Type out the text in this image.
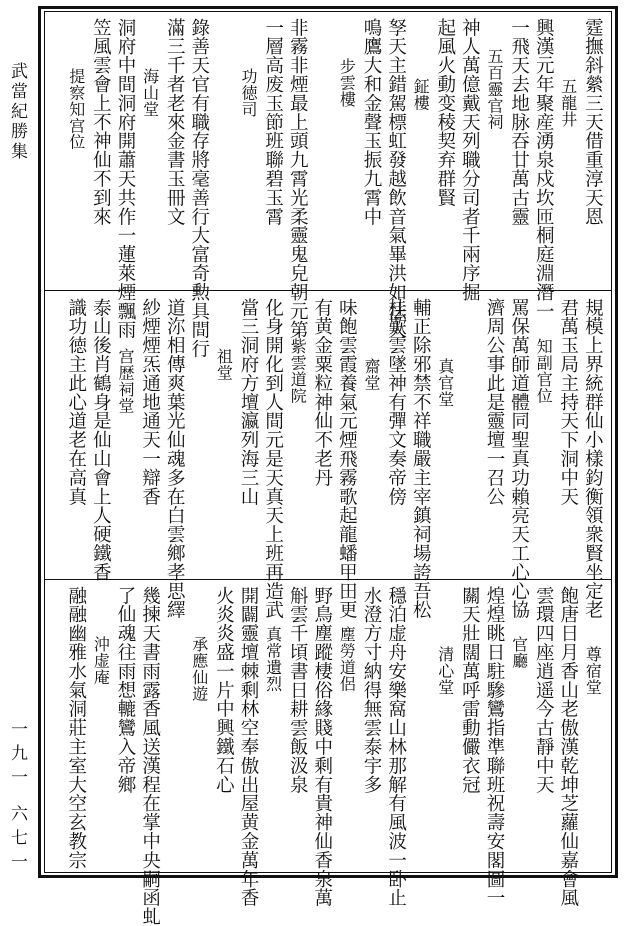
武當紀勝集
一九一 六七一
霆撫斜縈三天借重淳天恩
五龍井
興漢元年聚産湧泉戍坎匝桐庭淵潛一
一飛天去地脉吞廿萬古靈
五百靈官祠
神人萬億戴天列職分司者千兩序掘
起風火動变稜契弃群賢
鉦樓
孥天主錯駕標虹發越飲音氣畢洪如法大
鳴鷹大和金聲玉振九霄中
步雲樓
非霧非煙最上頭九霄光柔靈鬼皃朝元第
一層高废玉節班聯碧玉霄
功徳司
錄善天官有職存將毫善行大富奇勲具間行
滿三千者老來金書玉冊文
海山堂
洞府中間洞府開蕭天共作一蓮萊煙飄雨
笠風雲會上不神仙不到來
提察知宫位
規模上界統群仙小樣鈞衡領衆賢坐定老
君萬玉局主持天下洞中天
知副官位
罵保萬師道體同聖真功賴亮天工心心協
濟周公事此是靈壇一召公
真官堂
輔正除邪禁不祥職嚴主宰鎮祠場誇吾松
桂歎雲墜神有彈文奏帝傍
齋堂
味飽雲霞養氣元煙飛霧歌起龍蟠甲田更
有黄金粟粒神仙不老丹
紫雲道院
化身開化到人間元是天真天上班再造武
當三洞府方壇瀛列海三山
祖堂
道沵相傳爽葉光仙魂多在白雲鄉孝思繹
紗煙煙炁通地通天一辯香
宫歴祠堂
泰山後肖鶴身是仙山會上人硬鐵香
識功徳主此心道老在高真
尊宿堂
飽唐日月香山老傲漢乾坤芝蘿仙嘉會風
雲環四座逍遥今古靜中天
官廳
煌煌眺日駐驂鸞指準聯班祝壽安閣圖一
關天壯闊萬呼雷動儼衣冠
清心堂
穩泊虚舟安樂窩山林那解有風波一卧止
水澄方寸納得無雲泰宇多
塵勞道侶
野鳥塵蹤棲俗緣賤中剩有貴神仙香泉萬
斛雲千頃書日耕雲飯汲泉
真常遺烈
開闢靈壇棘剩林空奉傲出屋黄金萬年香
火炎炎盛一片中興鐵石心
承應仙遊
幾揀天書雨露香風送漢程在掌中央嗣函虬
了仙魂往雨想轆鸞入帝鄉
沖虚庵
融融幽雅水氣洞莊主室大空玄教宗
